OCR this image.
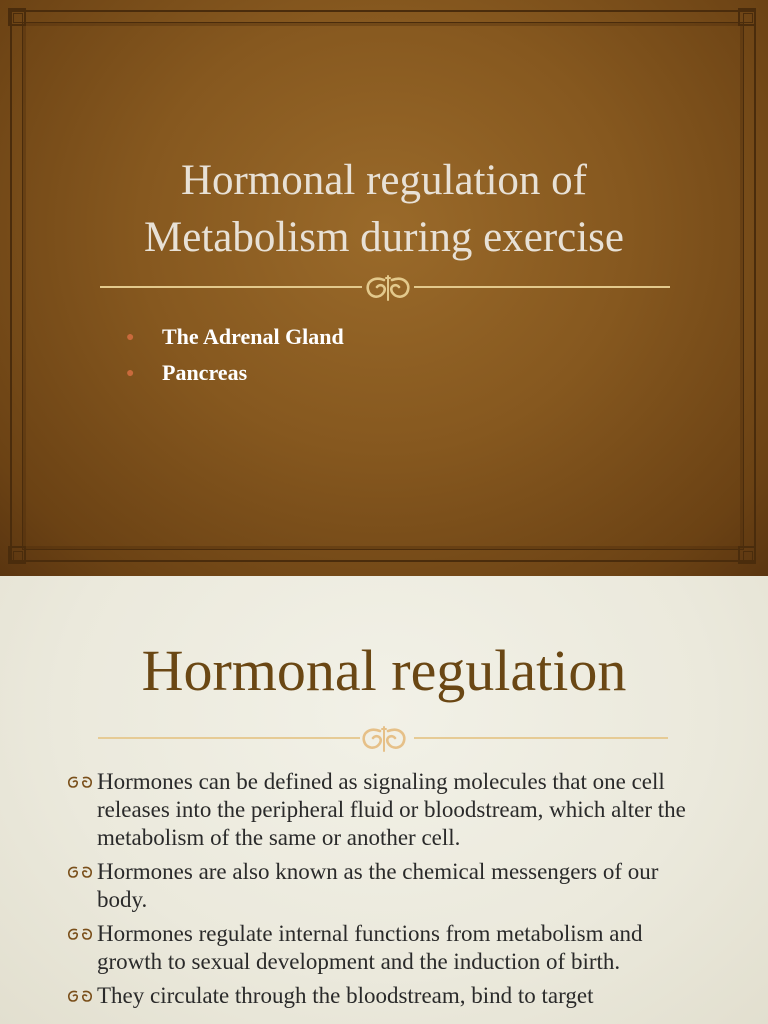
Hormonal regulation of
Metabolism during exercise
● The Adrenal Gland
● Pancreas
Hormonal regulation
Hormones can be defined as signaling molecules that one cell releases into the peripheral fluid or bloodstream, which alter the metabolism of the same or another cell.
Hormones are also known as the chemical messengers of our body.
Hormones regulate internal functions from metabolism and growth to sexual development and the induction of birth.
They circulate through the bloodstream, bind to target
